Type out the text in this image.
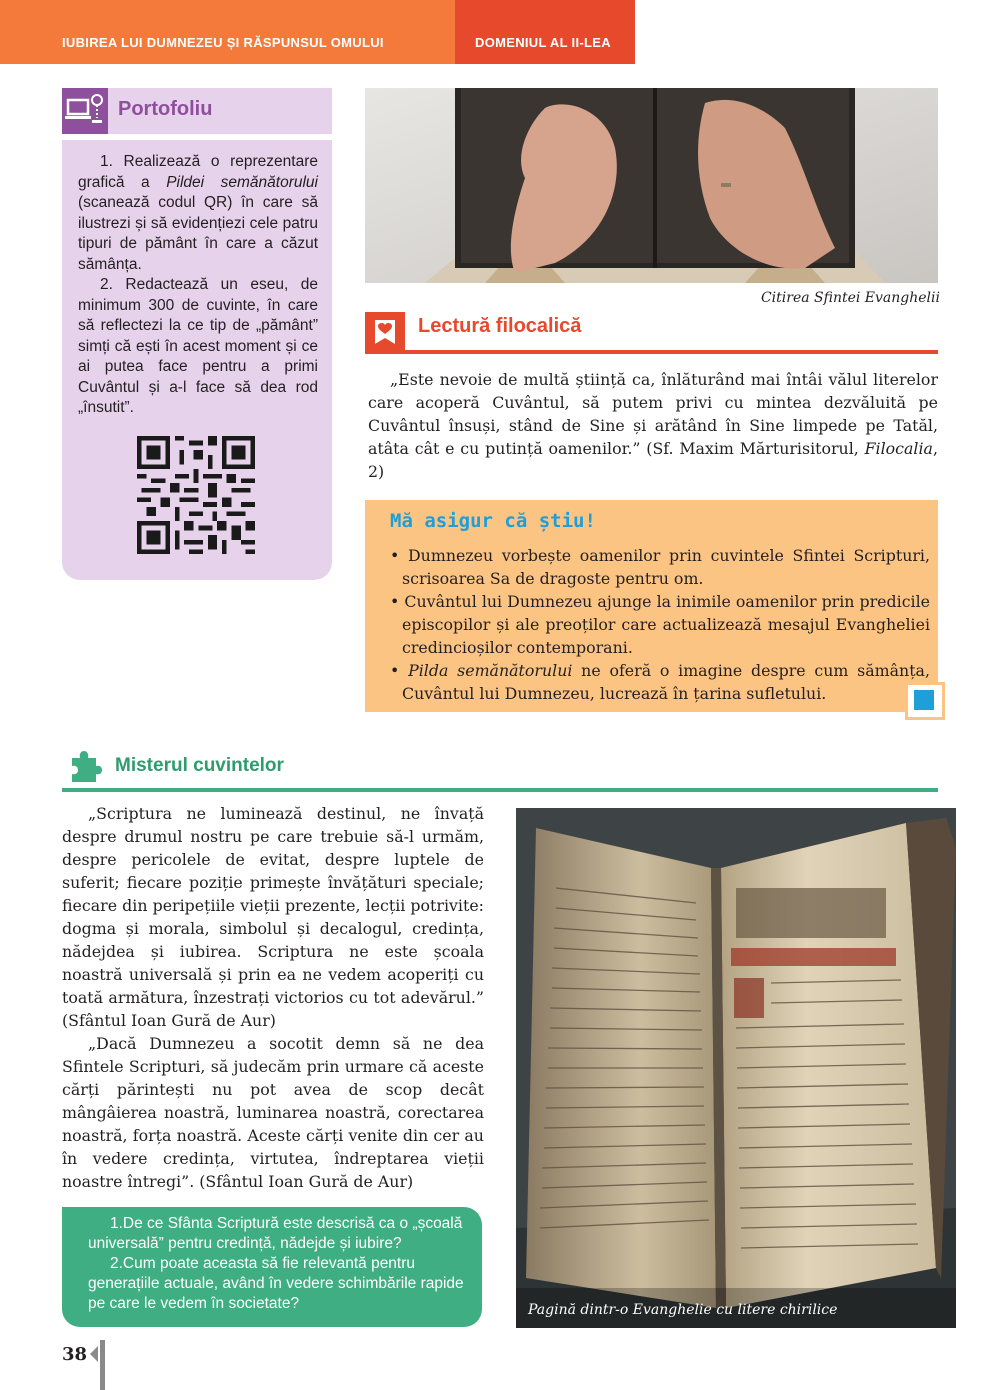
IUBIREA LUI DUMNEZEU ȘI RĂSPUNSUL OMULUI	DOMENIUL AL II-LEA
Portofoliu

1. Realizează o reprezentare grafică a Pildei semănătorului (scanează codul QR) în care să ilustrezi și să evidențiezi cele patru tipuri de pământ în care a căzut sămânța.

2. Redactează un eseu, de minimum 300 de cuvinte, în care să reflectezi la ce tip de „pământ” simți că ești în acest moment și ce ai putea face pentru a primi Cuvântul și a-l face să dea rod „însutit”.

Citirea Sfintei Evanghelii
Lectură filocalică
„Este nevoie de multă știință ca, înlăturând mai întâi vălul literelor care acoperă Cuvântul, să putem privi cu mintea dezvăluită pe Cuvântul însuși, stând de Sine și arătând în Sine limpede pe Tatăl, atâta cât e cu putință oamenilor.” (Sf. Maxim Mărturisitorul, Filocalia, 2)
Mă asigur că știu!
• Dumnezeu vorbește oamenilor prin cuvintele Sfintei Scripturi, scrisoarea Sa de dragoste pentru om.
• Cuvântul lui Dumnezeu ajunge la inimile oamenilor prin predicile episcopilor și ale preoților care actualizează mesajul Evangheliei credincioșilor contemporani.
• Pilda semănătorului ne oferă o imagine despre cum sămânța, Cuvântul lui Dumnezeu, lucrează în țarina sufletului.
Misterul cuvintelor

„Scriptura ne luminează destinul, ne învață despre drumul nostru pe care trebuie să-l urmăm, despre pericolele de evitat, despre luptele de suferit; fiecare poziție primește învățături speciale; fiecare din peripețiile vieții prezente, lecții potrivite: dogma și morala, simbolul și decalogul, credința, nădejdea și iubirea. Scriptura ne este școala noastră universală și prin ea ne vedem acoperiți cu toată armătura, înzestrați victorios cu tot adevărul.” (Sfântul Ioan Gură de Aur)

„Dacă Dumnezeu a socotit demn să ne dea Sfintele Scripturi, să judecăm prin urmare că aceste cărți părintești nu pot avea de scop decât mângâierea noastră, luminarea noastră, corectarea noastră, forța noastră. Aceste cărți venite din cer au în vedere credința, virtutea, îndreptarea vieții noastre întregi”. (Sfântul Ioan Gură de Aur)

1.De ce Sfânta Scriptură este descrisă ca o „școală universală” pentru credință, nădejde și iubire?

2.Cum poate aceasta să fie relevantă pentru generațiile actuale, având în vedere schimbările rapide pe care le vedem în societate?	Pagină dintr-o Evanghelie cu litere chirilice
38
